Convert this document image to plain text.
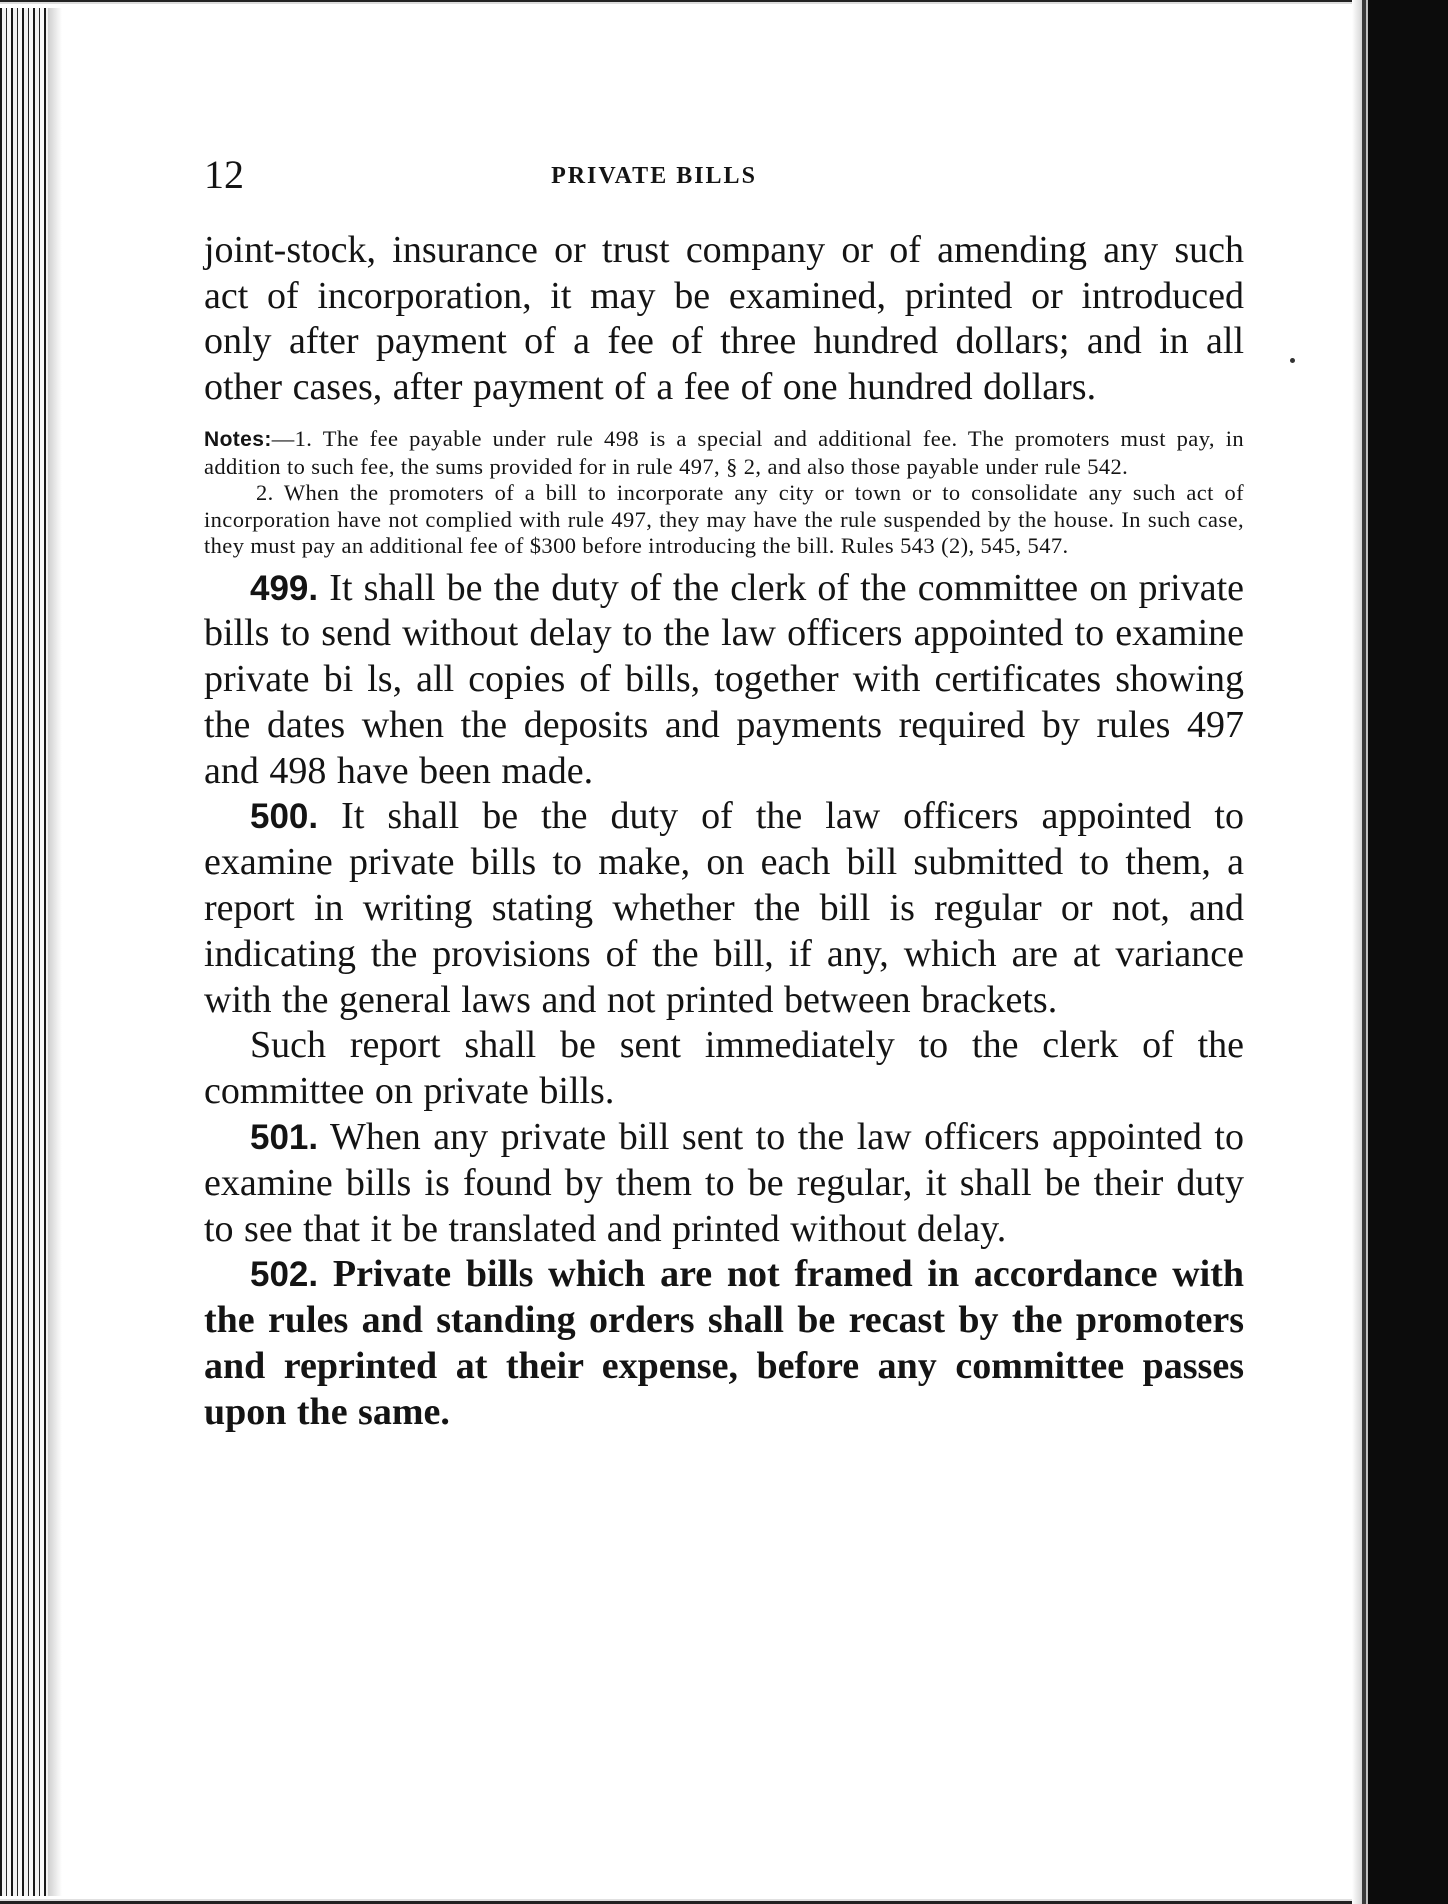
12	PRIVATE BILLS

joint-stock, insurance or trust company or of amending any such act of incorporation, it may be examined, printed or introduced only after payment of a fee of three hundred dollars; and in all other cases, after payment of a fee of one hundred dollars.

Notes:—1. The fee payable under rule 498 is a special and additional fee. The promoters must pay, in addition to such fee, the sums provided for in rule 497, § 2, and also those payable under rule 542.

2. When the promoters of a bill to incorporate any city or town or to consolidate any such act of incorporation have not complied with rule 497, they may have the rule suspended by the house. In such case, they must pay an additional fee of $300 before introducing the bill. Rules 543 (2), 545, 547.

499. It shall be the duty of the clerk of the committee on private bills to send without delay to the law officers appointed to examine private bi ls, all copies of bills, together with certificates showing the dates when the deposits and payments required by rules 497 and 498 have been made.

500. It shall be the duty of the law officers appointed to examine private bills to make, on each bill submitted to them, a report in writing stating whether the bill is regular or not, and indicating the provisions of the bill, if any, which are at variance with the general laws and not printed between brackets.

Such report shall be sent immediately to the clerk of the committee on private bills.

501. When any private bill sent to the law officers appointed to examine bills is found by them to be regular, it shall be their duty to see that it be translated and printed without delay.

502. Private bills which are not framed in accordance with the rules and standing orders shall be recast by the promoters and reprinted at their expense, before any committee passes upon the same.
